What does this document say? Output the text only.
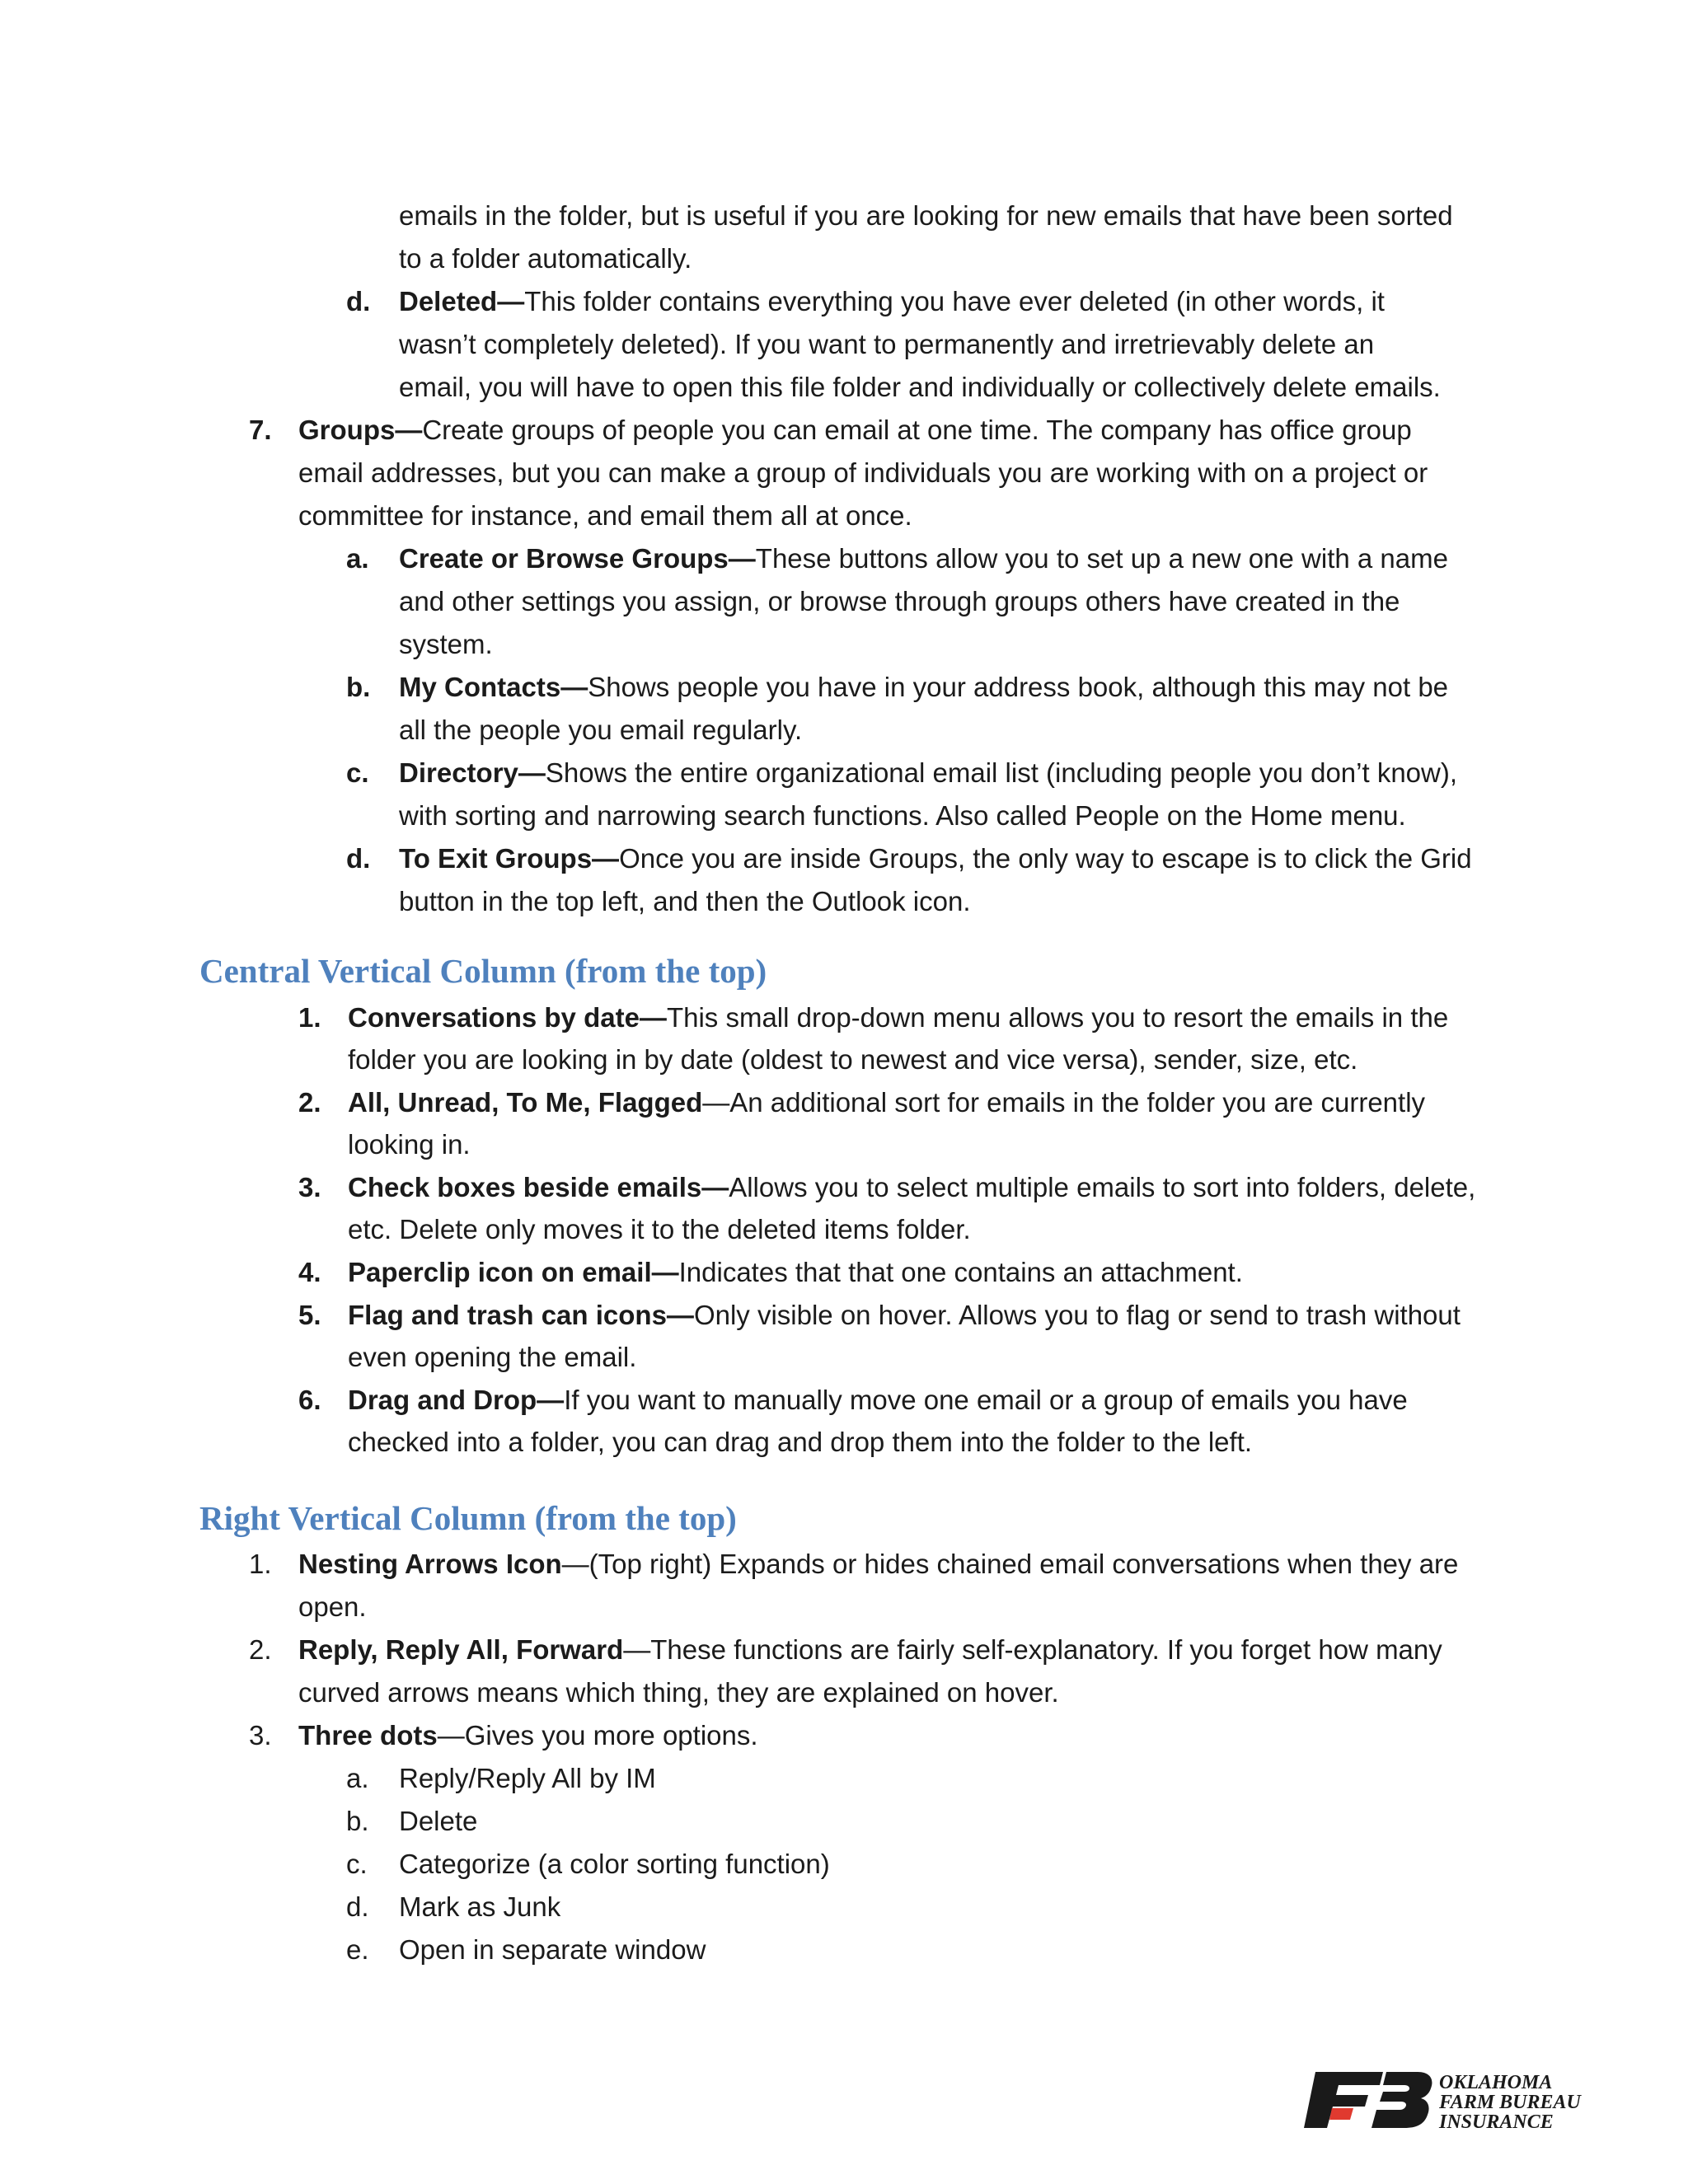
emails in the folder, but is useful if you are looking for new emails that have been sorted
to a folder automatically.
d. Deleted—This folder contains everything you have ever deleted (in other words, it
wasn’t completely deleted). If you want to permanently and irretrievably delete an
email, you will have to open this file folder and individually or collectively delete emails.
7. Groups—Create groups of people you can email at one time. The company has office group
email addresses, but you can make a group of individuals you are working with on a project or
committee for instance, and email them all at once.
a. Create or Browse Groups—These buttons allow you to set up a new one with a name
and other settings you assign, or browse through groups others have created in the
system.
b. My Contacts—Shows people you have in your address book, although this may not be
all the people you email regularly.
c. Directory—Shows the entire organizational email list (including people you don’t know),
with sorting and narrowing search functions. Also called People on the Home menu.
d. To Exit Groups—Once you are inside Groups, the only way to escape is to click the Grid
button in the top left, and then the Outlook icon.
Central Vertical Column (from the top)
1. Conversations by date—This small drop-down menu allows you to resort the emails in the
folder you are looking in by date (oldest to newest and vice versa), sender, size, etc.
2. All, Unread, To Me, Flagged—An additional sort for emails in the folder you are currently
looking in.
3. Check boxes beside emails—Allows you to select multiple emails to sort into folders, delete,
etc. Delete only moves it to the deleted items folder.
4. Paperclip icon on email—Indicates that that one contains an attachment.
5. Flag and trash can icons—Only visible on hover. Allows you to flag or send to trash without
even opening the email.
6. Drag and Drop—If you want to manually move one email or a group of emails you have
checked into a folder, you can drag and drop them into the folder to the left.
Right Vertical Column (from the top)
1. Nesting Arrows Icon—(Top right) Expands or hides chained email conversations when they are
open.
2. Reply, Reply All, Forward—These functions are fairly self-explanatory. If you forget how many
curved arrows means which thing, they are explained on hover.
3. Three dots—Gives you more options.
a. Reply/Reply All by IM
b. Delete
c. Categorize (a color sorting function)
d. Mark as Junk
e. Open in separate window
OKLAHOMA
FARM BUREAU
INSURANCE
